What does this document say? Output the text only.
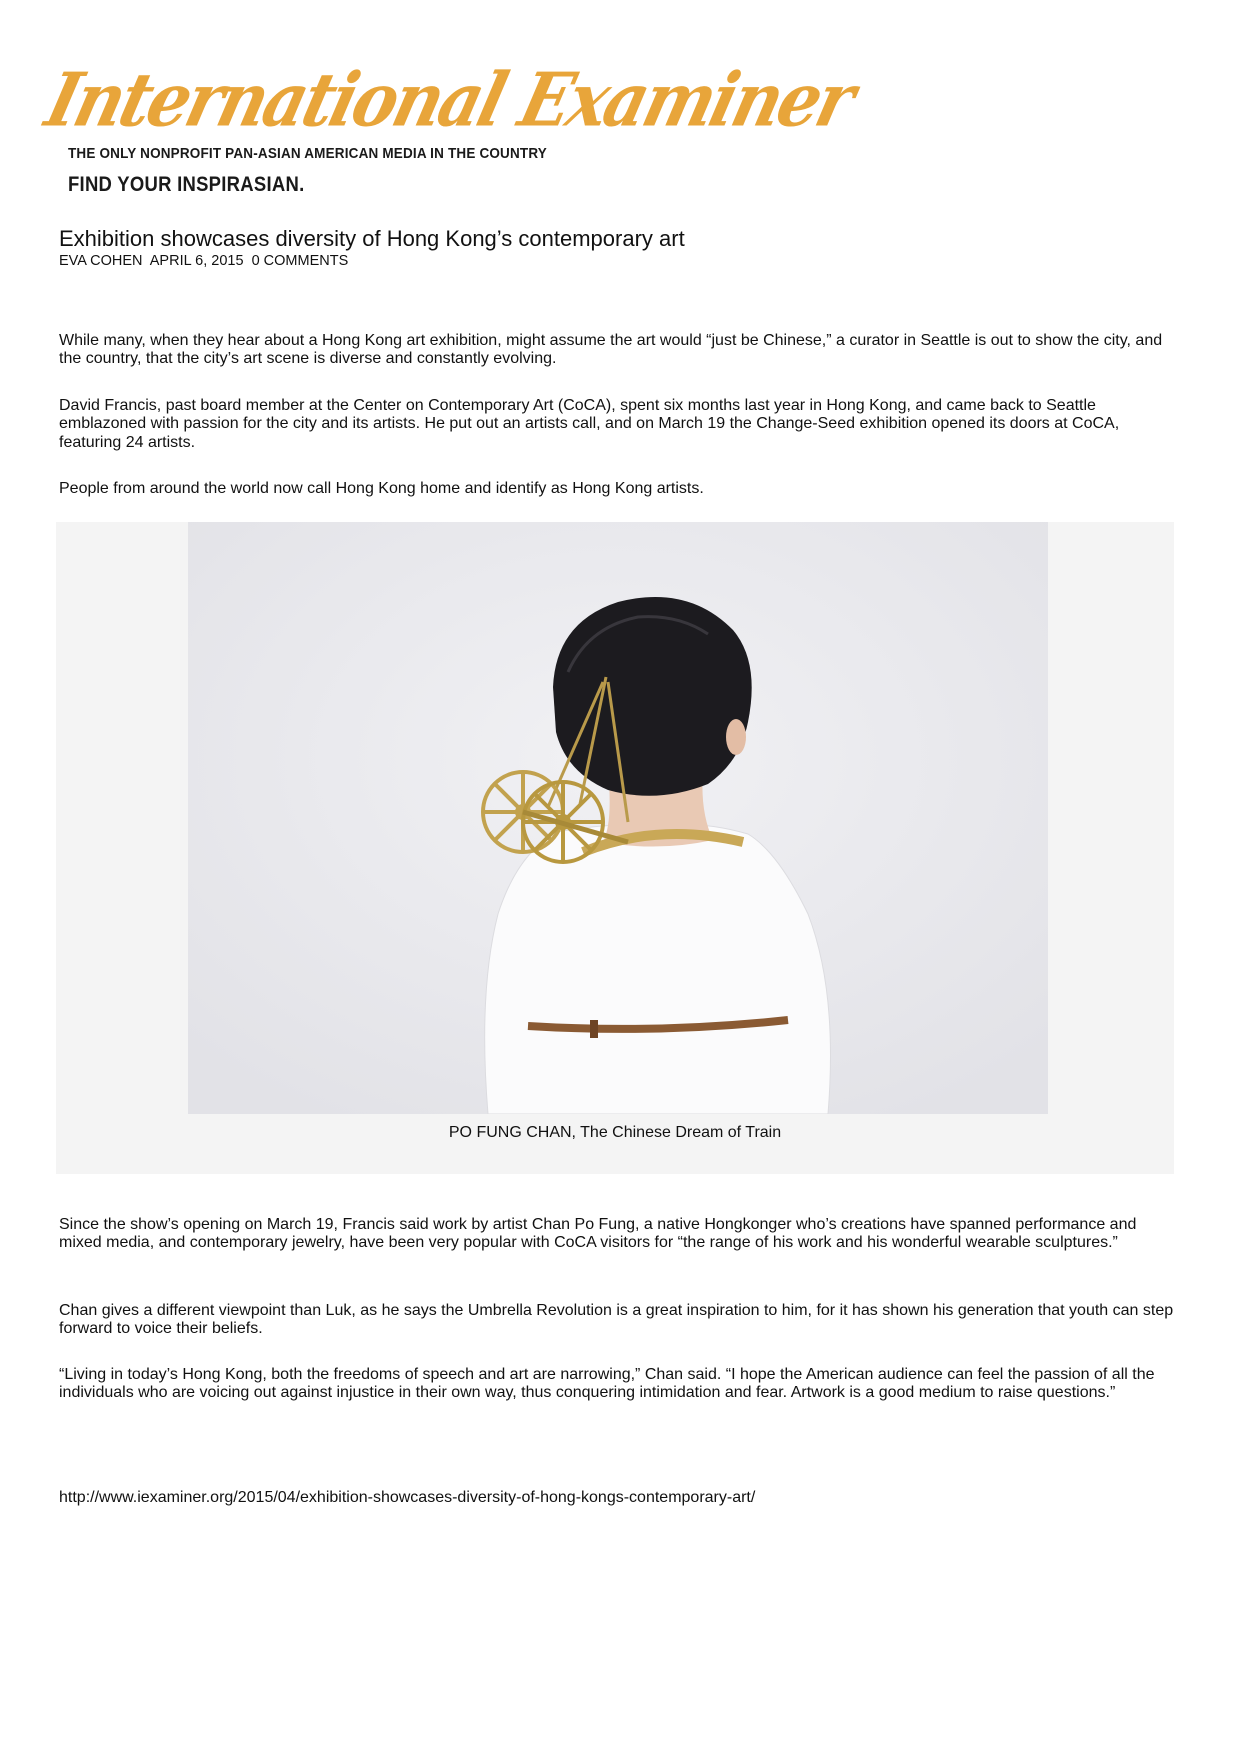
International Examiner
THE ONLY NONPROFIT PAN-ASIAN AMERICAN MEDIA IN THE COUNTRY
FIND YOUR INSPIRASIAN.
Exhibition showcases diversity of Hong Kong’s contemporary art
EVA COHEN APRIL 6, 2015 0 COMMENTS

While many, when they hear about a Hong Kong art exhibition, might assume the art would “just be Chinese,” a curator in Seattle is out to show the city, and the country, that the city’s art scene is diverse and constantly evolving.

David Francis, past board member at the Center on Contemporary Art (CoCA), spent six months last year in Hong Kong, and came back to Seattle emblazoned with passion for the city and its artists. He put out an artists call, and on March 19 the Change-Seed exhibition opened its doors at CoCA, featuring 24 artists.

People from around the world now call Hong Kong home and identify as Hong Kong artists.

PO FUNG CHAN, The Chinese Dream of Train

Since the show’s opening on March 19, Francis said work by artist Chan Po Fung, a native Hongkonger who’s creations have spanned performance and mixed media, and contemporary jewelry, have been very popular with CoCA visitors for “the range of his work and his wonderful wearable sculptures.”

Chan gives a different viewpoint than Luk, as he says the Umbrella Revolution is a great inspiration to him, for it has shown his generation that youth can step forward to voice their beliefs.

“Living in today’s Hong Kong, both the freedoms of speech and art are narrowing,” Chan said. “I hope the American audience can feel the passion of all the individuals who are voicing out against injustice in their own way, thus conquering intimidation and fear. Artwork is a good medium to raise questions.”

http://www.iexaminer.org/2015/04/exhibition-showcases-diversity-of-hong-kongs-contemporary-art/
